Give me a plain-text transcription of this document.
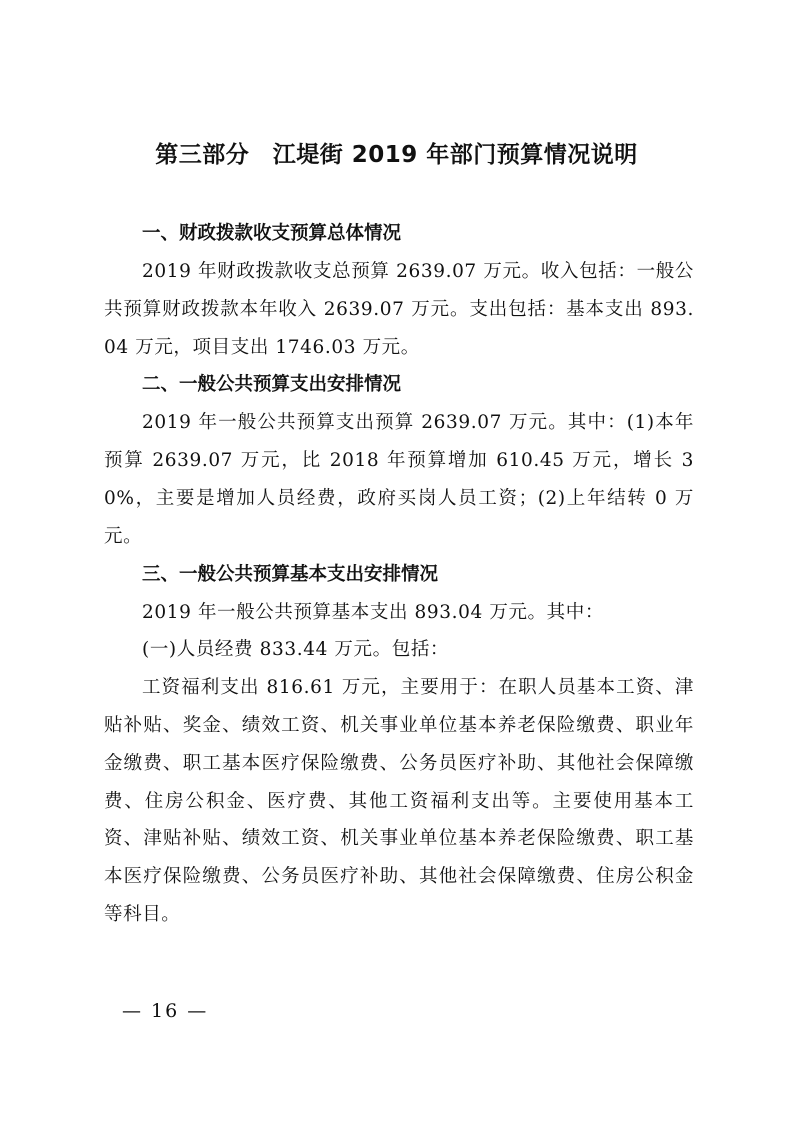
第三部分　江堤街 2019 年部门预算情况说明

一、财政拨款收支预算总体情况

2019 年财政拨款收支总预算 2639.07 万元。收入包括：一般公共预算财政拨款本年收入 2639.07 万元。支出包括：基本支出 893.04 万元，项目支出 1746.03 万元。

二、一般公共预算支出安排情况

2019 年一般公共预算支出预算 2639.07 万元。其中：(1)本年预算 2639.07 万元，比 2018 年预算增加 610.45 万元，增长 30%，主要是增加人员经费，政府买岗人员工资；(2)上年结转 0 万元。

三、一般公共预算基本支出安排情况

2019 年一般公共预算基本支出 893.04 万元。其中：

(一)人员经费 833.44 万元。包括：

工资福利支出 816.61 万元，主要用于：在职人员基本工资、津贴补贴、奖金、绩效工资、机关事业单位基本养老保险缴费、职业年金缴费、职工基本医疗保险缴费、公务员医疗补助、其他社会保障缴费、住房公积金、医疗费、其他工资福利支出等。主要使用基本工资、津贴补贴、绩效工资、机关事业单位基本养老保险缴费、职工基本医疗保险缴费、公务员医疗补助、其他社会保障缴费、住房公积金等科目。

— 16 —
